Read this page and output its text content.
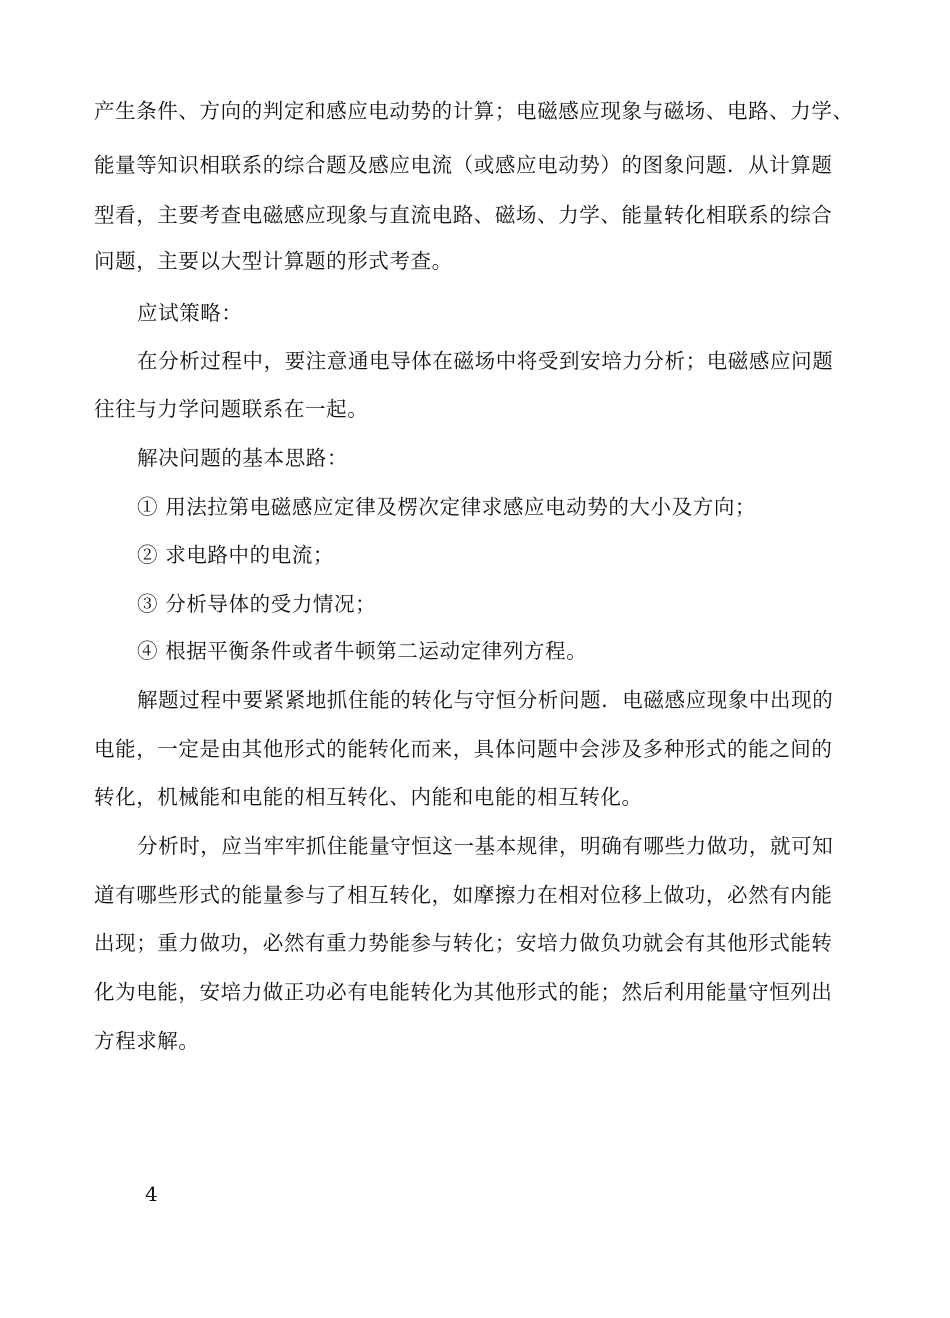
产生条件、方向的判定和感应电动势的计算；电磁感应现象与磁场、电路、力学、
能量等知识相联系的综合题及感应电流（或感应电动势）的图象问题．从计算题
型看，主要考查电磁感应现象与直流电路、磁场、力学、能量转化相联系的综合
问题，主要以大型计算题的形式考查。
应试策略：
在分析过程中，要注意通电导体在磁场中将受到安培力分析；电磁感应问题
往往与力学问题联系在一起。
解决问题的基本思路：
① 用法拉第电磁感应定律及楞次定律求感应电动势的大小及方向；
② 求电路中的电流；
③ 分析导体的受力情况；
④ 根据平衡条件或者牛顿第二运动定律列方程。
解题过程中要紧紧地抓住能的转化与守恒分析问题．电磁感应现象中出现的
电能，一定是由其他形式的能转化而来，具体问题中会涉及多种形式的能之间的
转化，机械能和电能的相互转化、内能和电能的相互转化。
分析时，应当牢牢抓住能量守恒这一基本规律，明确有哪些力做功，就可知
道有哪些形式的能量参与了相互转化，如摩擦力在相对位移上做功，必然有内能
出现；重力做功，必然有重力势能参与转化；安培力做负功就会有其他形式能转
化为电能，安培力做正功必有电能转化为其他形式的能；然后利用能量守恒列出
方程求解。
4
